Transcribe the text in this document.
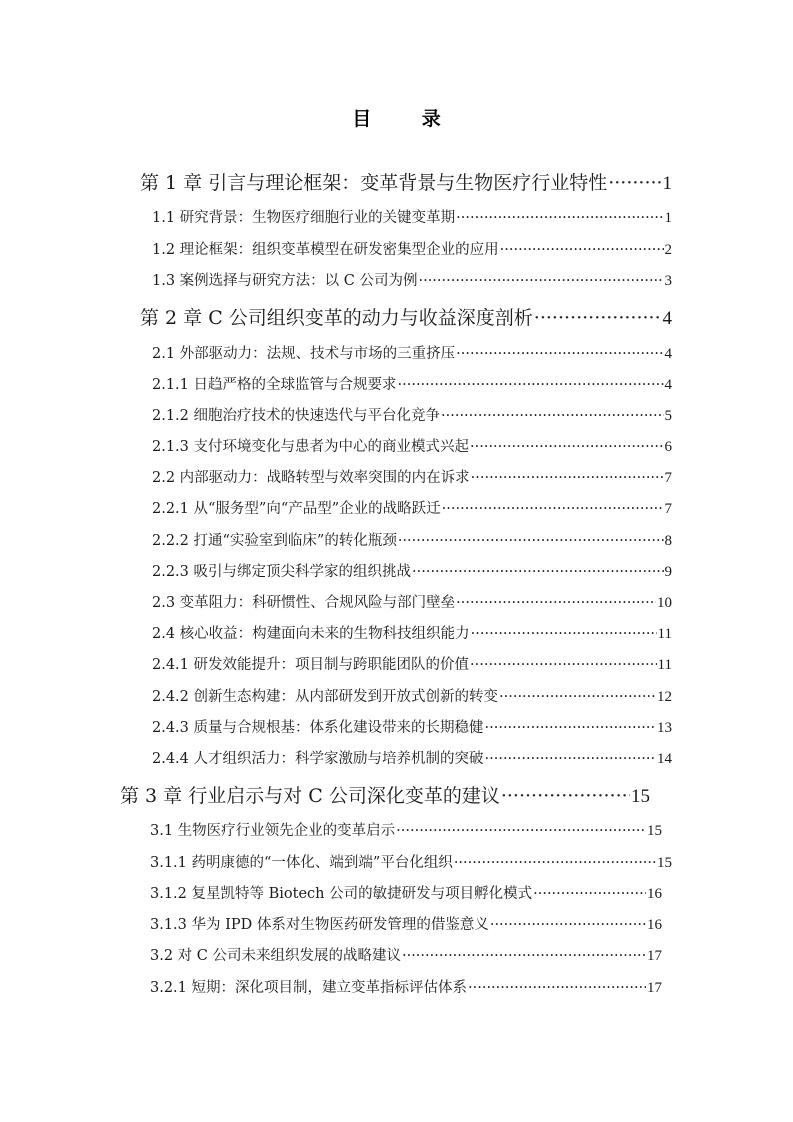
目 录
第 1 章 引言与理论框架：变革背景与生物医疗行业特性 ·····	1
1.1 研究背景：生物医疗细胞行业的关键变革期 ·····	1
1.2 理论框架：组织变革模型在研发密集型企业的应用 ·····	2
1.3 案例选择与研究方法：以 C 公司为例 ·····	3
第 2 章 C 公司组织变革的动力与收益深度剖析 ·····	4
2.1 外部驱动力：法规、技术与市场的三重挤压 ·····	4
2.1.1 日趋严格的全球监管与合规要求 ·····	4
2.1.2 细胞治疗技术的快速迭代与平台化竞争 ·····	5
2.1.3 支付环境变化与患者为中心的商业模式兴起 ·····	6
2.2 内部驱动力：战略转型与效率突围的内在诉求 ·····	7
2.2.1 从“服务型”向“产品型”企业的战略跃迁 ·····	7
2.2.2 打通“实验室到临床”的转化瓶颈 ·····	8
2.2.3 吸引与绑定顶尖科学家的组织挑战 ·····	9
2.3 变革阻力：科研惯性、合规风险与部门壁垒 ·····	10
2.4 核心收益：构建面向未来的生物科技组织能力 ·····	11
2.4.1 研发效能提升：项目制与跨职能团队的价值 ·····	11
2.4.2 创新生态构建：从内部研发到开放式创新的转变 ·····	12
2.4.3 质量与合规根基：体系化建设带来的长期稳健 ·····	13
2.4.4 人才组织活力：科学家激励与培养机制的突破 ·····	14
第 3 章 行业启示与对 C 公司深化变革的建议 ·····	15
3.1 生物医疗行业领先企业的变革启示 ·····	15
3.1.1 药明康德的“一体化、端到端”平台化组织 ·····	15
3.1.2 复星凯特等 Biotech 公司的敏捷研发与项目孵化模式 ·····	16
3.1.3 华为 IPD 体系对生物医药研发管理的借鉴意义 ·····	16
3.2 对 C 公司未来组织发展的战略建议 ·····	17
3.2.1 短期：深化项目制，建立变革指标评估体系 ·····	17
